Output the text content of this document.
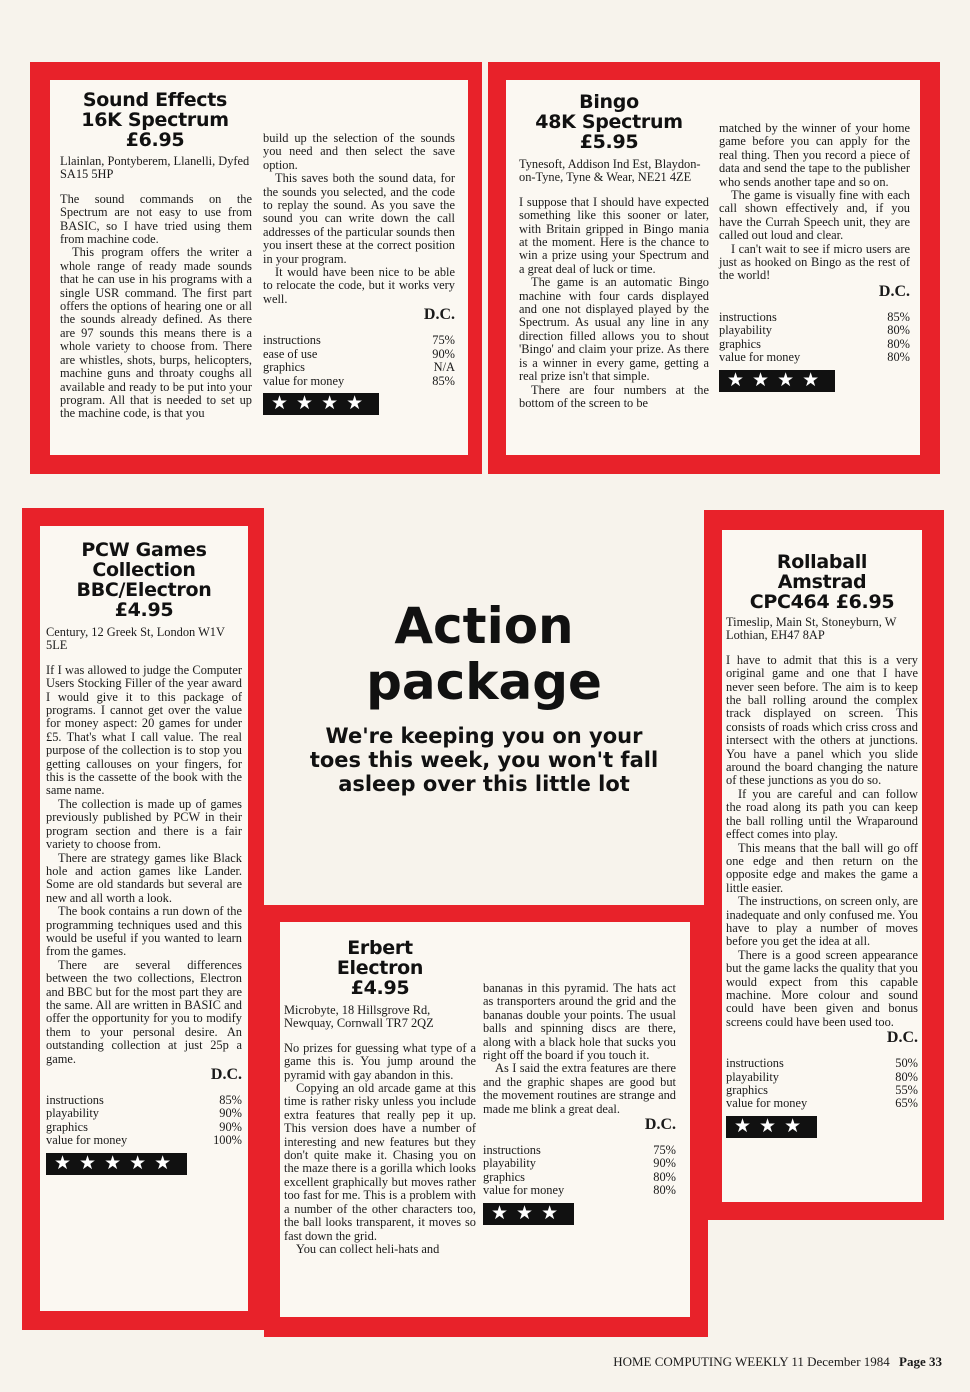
Sound Effects
16K Spectrum
£6.95

Llainlan, Pontyberem, Llanelli, Dyfed SA15 5HP

The sound commands on the Spectrum are not easy to use from BASIC, so I have tried using them from machine code.

This program offers the writer a whole range of ready made sounds that he can use in his programs with a single USR command. The first part offers the options of hearing one or all the sounds already defined. As there are 97 sounds this means there is a whole variety to choose from. There are whistles, shots, burps, helicopters, machine guns and throaty coughs all available and ready to be put into your program. All that is needed to set up the machine code, is that you

build up the selection of the sounds you need and then select the save option.

This saves both the sound data, for the sounds you selected, and the code to replay the sound. As you save the sound you can write down the call addresses of the particular sounds then you insert these at the correct position in your program.

It would have been nice to be able to relocate the code, but it works very well.

D.C.
instructions	75%
ease of use	90%
graphics	N/A
value for money	85%
★★★★
Bingo
48K Spectrum
£5.95

Tynesoft, Addison Ind Est, Blaydon-on-Tyne, Tyne & Wear, NE21 4ZE

I suppose that I should have expected something like this sooner or later, with Britain gripped in Bingo mania at the moment. Here is the chance to win a prize using your Spectrum and a great deal of luck or time.

The game is an automatic Bingo machine with four cards displayed and one not displayed played by the Spectrum. As usual any line in any direction filled allows you to shout 'Bingo' and claim your prize. As there is a winner in every game, getting a real prize isn't that simple.

There are four numbers at the bottom of the screen to be

matched by the winner of your home game before you can apply for the real thing. Then you record a piece of data and send the tape to the publisher who sends another tape and so on.

The game is visually fine with each call shown effectively and, if you have the Currah Speech unit, they are called out loud and clear.

I can't wait to see if micro users are just as hooked on Bingo as the rest of the world!

D.C.
instructions	85%
playability	80%
graphics	80%
value for money	80%
★★★★
PCW Games
Collection
BBC/Electron
£4.95

Century, 12 Greek St, London W1V 5LE

If I was allowed to judge the Computer Users Stocking Filler of the year award I would give it to this package of programs. I cannot get over the value for money aspect: 20 games for under £5. That's what I call value. The real purpose of the collection is to stop you getting callouses on your fingers, for this is the cassette of the book with the same name.

The collection is made up of games previously published by PCW in their program section and there is a fair variety to choose from.

There are strategy games like Black hole and action games like Lander. Some are old standards but several are new and all worth a look.

The book contains a run down of the programming techniques used and this would be useful if you wanted to learn from the games.

There are several differences between the two collections, Electron and BBC but for the most part they are the same. All are written in BASIC and offer the opportunity for you to modify them to your personal desire. An outstanding collection at just 25p a game.

D.C.
instructions	85%
playability	90%
graphics	90%
value for money	100%
★★★★★
Action
package
We're keeping you on your
toes this week, you won't fall
asleep over this little lot
Rollaball
Amstrad
CPC464 £6.95

Timeslip, Main St, Stoneyburn, W Lothian, EH47 8AP

I have to admit that this is a very original game and one that I have never seen before. The aim is to keep the ball rolling around the complex track displayed on screen. This consists of roads which criss cross and intersect with the others at junctions. You have a panel which you slide around the board changing the nature of these junctions as you do so.

If you are careful and can follow the road along its path you can keep the ball rolling until the Wraparound effect comes into play.

This means that the ball will go off one edge and then return on the opposite edge and makes the game a little easier.

The instructions, on screen only, are inadequate and only confused me. You have to play a number of moves before you get the idea at all.

There is a good screen appearance but the game lacks the quality that you would expect from this capable machine. More colour and sound could have been given and bonus screens could have been used too.

D.C.
instructions	50%
playability	80%
graphics	55%
value for money	65%
★★★
Erbert
Electron
£4.95

Microbyte, 18 Hillsgrove Rd, Newquay, Cornwall TR7 2QZ

No prizes for guessing what type of a game this is. You jump around the pyramid with gay abandon in this.

Copying an old arcade game at this time is rather risky unless you include extra features that really pep it up. This version does have a number of interesting and new features but they don't quite make it. Chasing you on the maze there is a gorilla which looks excellent graphically but moves rather too fast for me. This is a problem with a number of the other characters too, the ball looks transparent, it moves so fast down the grid.

You can collect heli-hats and

bananas in this pyramid. The hats act as transporters around the grid and the bananas double your points. The usual balls and spinning discs are there, along with a black hole that sucks you right off the board if you touch it.

As I said the extra features are there and the graphic shapes are good but the movement routines are strange and made me blink a great deal.

D.C.
instructions	75%
playability	90%
graphics	80%
value for money	80%
★★★
HOME COMPUTING WEEKLY 11 December 1984 Page 33
